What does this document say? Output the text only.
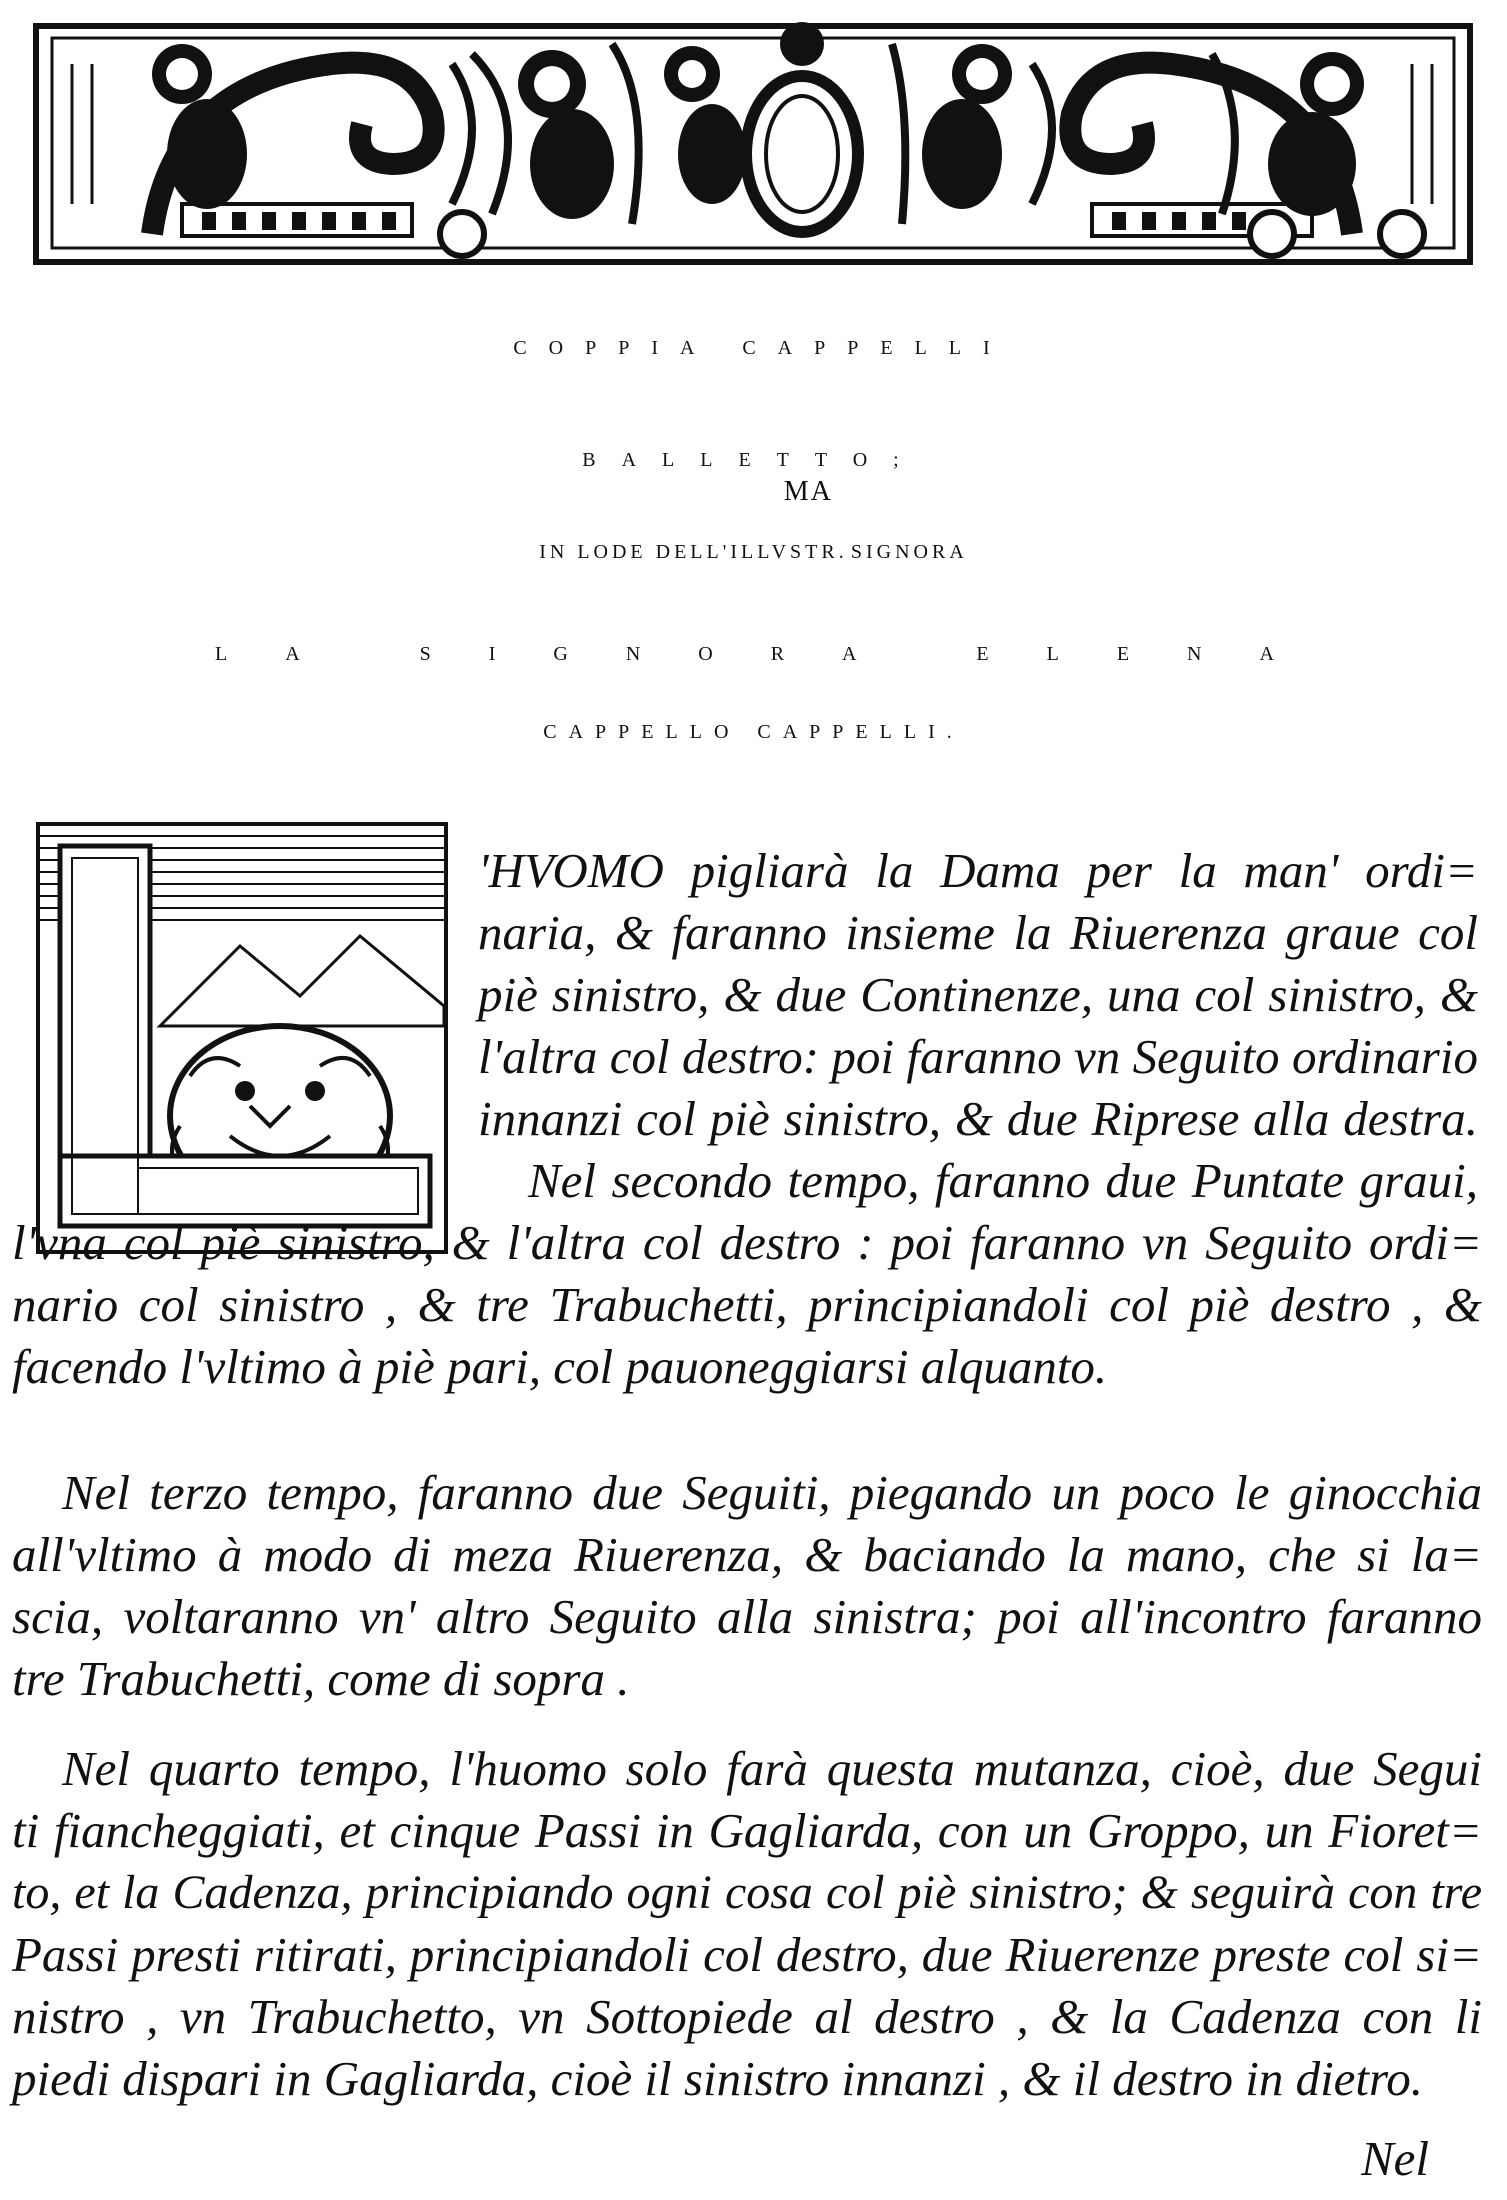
COPPIA CAPPELLI
BALLETTO;
IN LODE DELL'ILLVSTR.MASIGNORA
LA SIGNORA ELENA
CAPPELLO CAPPELLI.
'HVOMO pigliarà la Dama per la man' ordi=
naria, & faranno insieme la Riuerenza graue col
piè sinistro, & due Continenze, una col sinistro, &
l'altra col destro: poi faranno vn Seguito ordinario
innanzi col piè sinistro, & due Riprese alla destra.
Nel secondo tempo, faranno due Puntate graui,
l'vna col piè sinistro, & l'altra col destro : poi faranno vn Seguito ordi=
nario col sinistro , & tre Trabuchetti, principiandoli col piè destro , &
facendo l'vltimo à piè pari, col pauoneggiarsi alquanto.
Nel terzo tempo, faranno due Seguiti, piegando un poco le ginocchia
all'vltimo à modo di meza Riuerenza, & baciando la mano, che si la=
scia, voltaranno vn' altro Seguito alla sinistra; poi all'incontro faranno
tre Trabuchetti, come di sopra .
Nel quarto tempo, l'huomo solo farà questa mutanza, cioè, due Segui
ti fiancheggiati, et cinque Passi in Gagliarda, con un Groppo, un Fioret=
to, et la Cadenza, principiando ogni cosa col piè sinistro; & seguirà con tre
Passi presti ritirati, principiandoli col destro, due Riuerenze preste col si=
nistro , vn Trabuchetto, vn Sottopiede al destro , & la Cadenza con li
piedi dispari in Gagliarda, cioè il sinistro innanzi , & il destro in dietro.
Nel
